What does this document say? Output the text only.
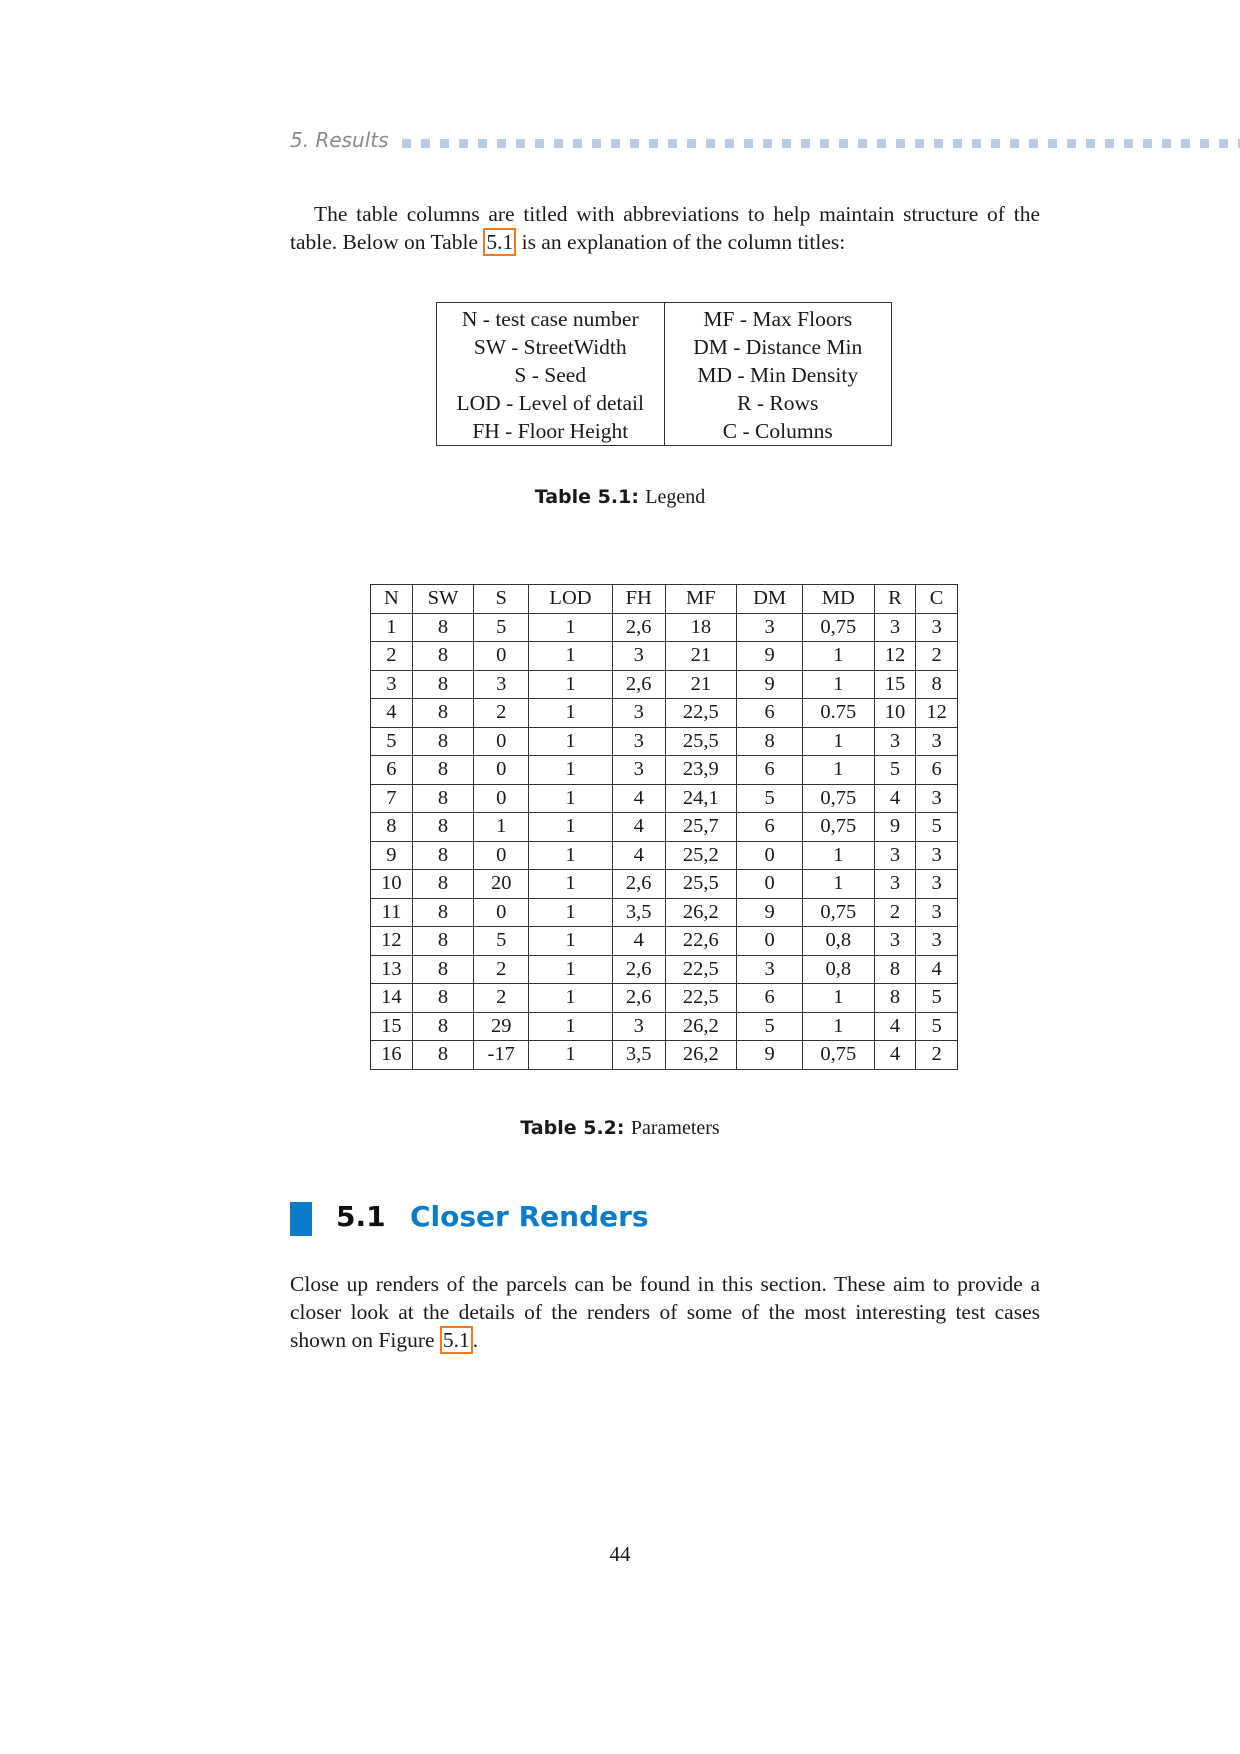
5. Results

The table columns are titled with abbreviations to help maintain structure of the table. Below on Table 5.1 is an explanation of the column titles:

N - test case number	MF - Max Floors
SW - StreetWidth	DM - Distance Min
S - Seed	MD - Min Density
LOD - Level of detail	R - Rows
FH - Floor Height	C - Columns
Table 5.1: Legend
N	SW	S	LOD	FH	MF	DM	MD	R	C
1	8	5	1	2,6	18	3	0,75	3	3
2	8	0	1	3	21	9	1	12	2
3	8	3	1	2,6	21	9	1	15	8
4	8	2	1	3	22,5	6	0.75	10	12
5	8	0	1	3	25,5	8	1	3	3
6	8	0	1	3	23,9	6	1	5	6
7	8	0	1	4	24,1	5	0,75	4	3
8	8	1	1	4	25,7	6	0,75	9	5
9	8	0	1	4	25,2	0	1	3	3
10	8	20	1	2,6	25,5	0	1	3	3
11	8	0	1	3,5	26,2	9	0,75	2	3
12	8	5	1	4	22,6	0	0,8	3	3
13	8	2	1	2,6	22,5	3	0,8	8	4
14	8	2	1	2,6	22,5	6	1	8	5
15	8	29	1	3	26,2	5	1	4	5
16	8	-17	1	3,5	26,2	9	0,75	4	2
Table 5.2: Parameters
5.1 Closer Renders

Close up renders of the parcels can be found in this section. These aim to provide a closer look at the details of the renders of some of the most interesting test cases shown on Figure 5.1 .

44
